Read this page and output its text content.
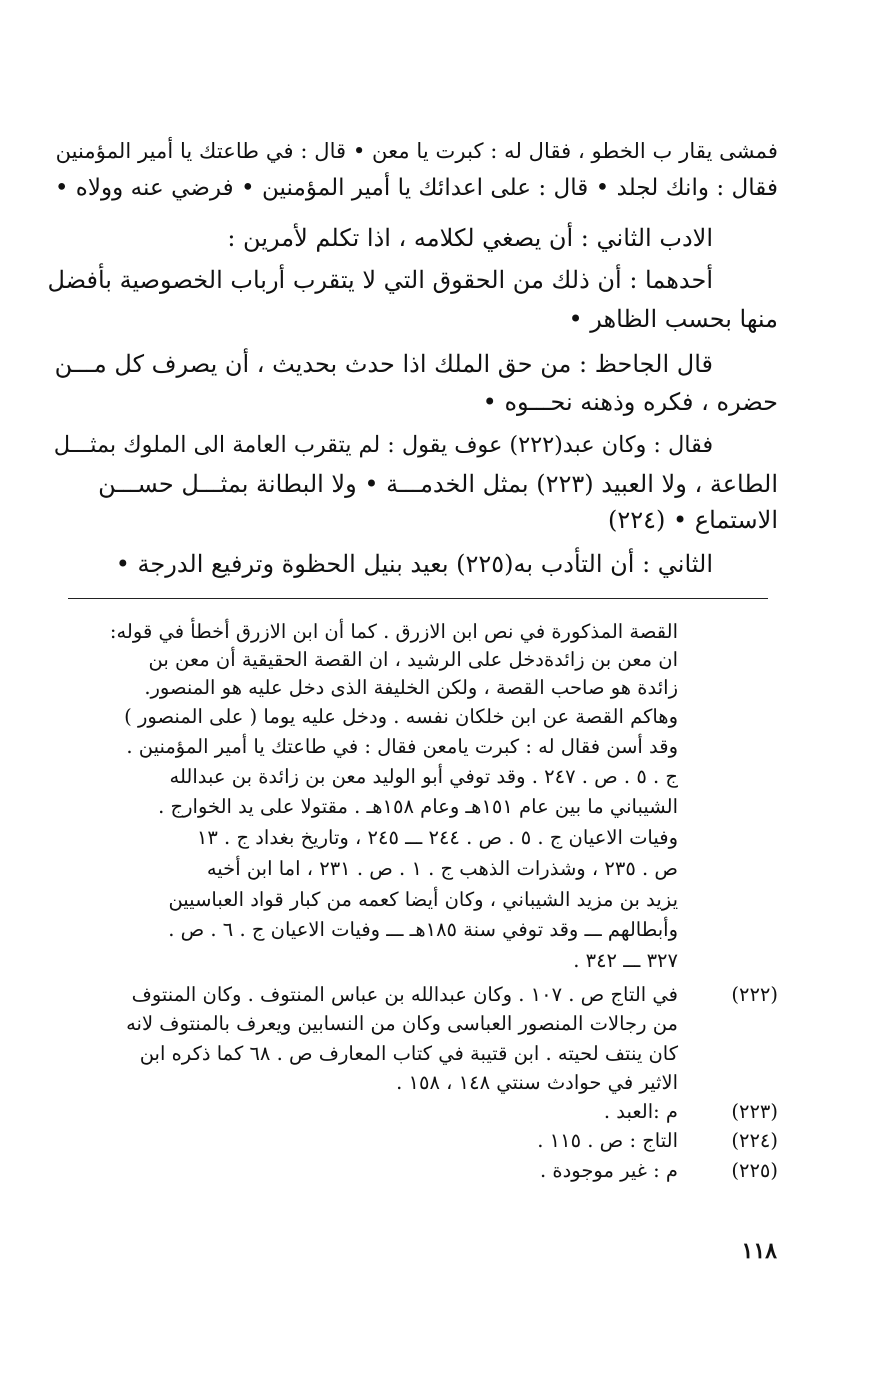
فمشى يقار ب الخطو ، فقال له : كبرت يا معن • قال : في طاعتك يا أمير المؤمنين
فقال : وانك لجلد • قال : على اعدائك يا أمير المؤمنين • فرضي عنه وولاه •
الادب الثاني : أن يصغي لكلامه ، اذا تكلم لأمرين :
أحدهما : أن ذلك من الحقوق التي لا يتقرب أرباب الخصوصية بأفضل
منها بحسب الظاهر •
قال الجاحظ : من حق الملك اذا حدث بحديث ، أن يصرف كل مـــن
حضره ، فكره وذهنه نحـــوه •
فقال : وكان عبد(٢٢٢) عوف يقول : لم يتقرب العامة الى الملوك بمثـــل
الطاعة ، ولا العبيد (٢٢٣) بمثل الخدمـــة • ولا البطانة بمثـــل حســـن
الاستماع • (٢٢٤)
الثاني : أن التأدب به(٢٢٥) بعيد بنيل الحظوة وترفيع الدرجة •
القصة المذكورة في نص ابن الازرق . كما أن ابن الازرق أخطأ في قوله:
ان معن بن زائدةدخل على الرشيد ، ان القصة الحقيقية أن معن بن
زائدة هو صاحب القصة ، ولكن الخليفة الذى دخل عليه هو المنصور.
وهاكم القصة عن ابن خلكان نفسه . ودخل عليه يوما ( على المنصور )
وقد أسن فقال له : كبرت يامعن فقال : في طاعتك يا أمير المؤمنين .
ج . ٥ . ص . ٢٤٧ . وقد توفي أبو الوليد معن بن زائدة بن عبدالله
الشيباني ما بين عام ١٥١هـ وعام ١٥٨هـ . مقتولا على يد الخوارج .
وفيات الاعيان ج . ٥ . ص . ٢٤٤ ـــ ٢٤٥ ، وتاريخ بغداد ج . ١٣
ص . ٢٣٥ ، وشذرات الذهب ج . ١ . ص . ٢٣١ ، اما ابن أخيه
يزيد بن مزيد الشيباني ، وكان أيضا كعمه من كبار قواد العباسيين
وأبطالهم ـــ وقد توفي سنة ١٨٥هـ ـــ وفيات الاعيان ج . ٦ . ص .
٣٢٧ ـــ ٣٤٢ .
(٢٢٢)
في التاج ص . ١٠٧ . وكان عبدالله بن عباس المنتوف . وكان المنتوف
من رجالات المنصور العباسى وكان من النسابين ويعرف بالمنتوف لانه
كان ينتف لحيته . ابن قتيبة في كتاب المعارف ص . ٦٨ كما ذكره ابن
الاثير في حوادث سنتي ١٤٨ ، ١٥٨ .
(٢٢٣)
م :العبد .
(٢٢٤)
التاج : ص . ١١٥ .
(٢٢٥)
م : غير موجودة .
١١٨
